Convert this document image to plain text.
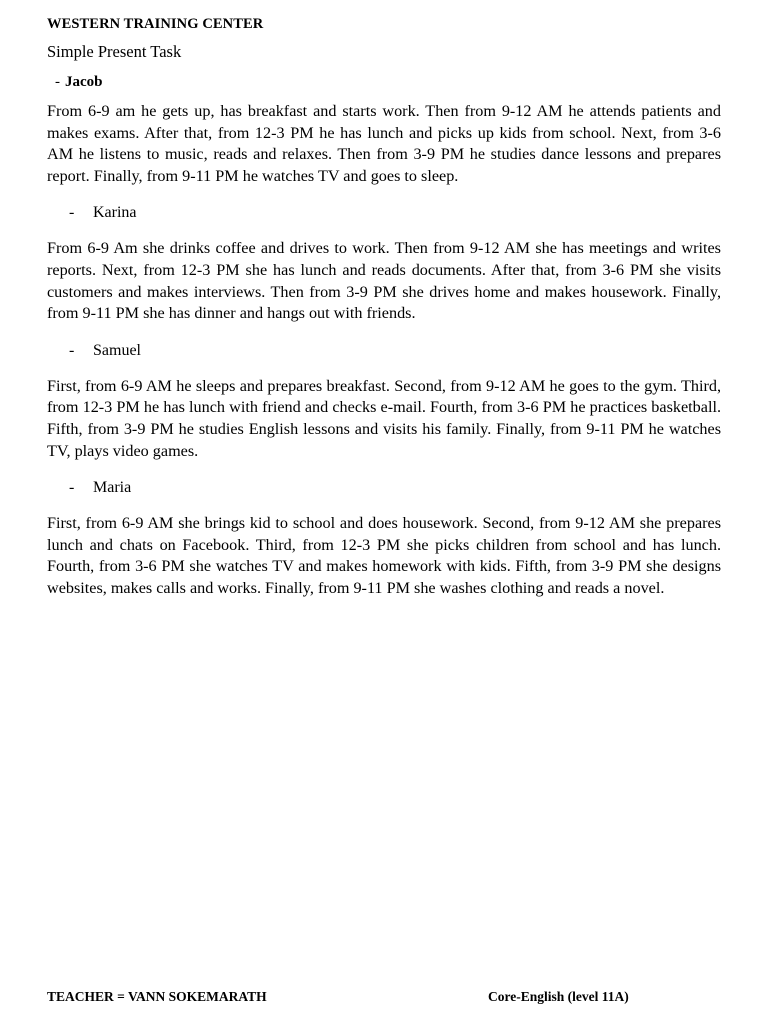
WESTERN TRAINING CENTER

Simple Present Task

- Jacob

From 6-9 am he gets up, has breakfast and starts work. Then from 9-12 AM he attends patients and makes exams. After that, from 12-3 PM he has lunch and picks up kids from school. Next, from 3-6 AM he listens to music, reads and relaxes. Then from 3-9 PM he studies dance lessons and prepares report. Finally, from 9-11 PM he watches TV and goes to sleep.

- Karina

From 6-9 Am she drinks coffee and drives to work. Then from 9-12 AM she has meetings and writes reports. Next, from 12-3 PM she has lunch and reads documents. After that, from 3-6 PM she visits customers and makes interviews. Then from 3-9 PM she drives home and makes housework. Finally, from 9-11 PM she has dinner and hangs out with friends.

- Samuel

First, from 6-9 AM he sleeps and prepares breakfast. Second, from 9-12 AM he goes to the gym. Third, from 12-3 PM he has lunch with friend and checks e-mail. Fourth, from 3-6 PM he practices basketball. Fifth, from 3-9 PM he studies English lessons and visits his family. Finally, from 9-11 PM he watches TV, plays video games.

- Maria

First, from 6-9 AM she brings kid to school and does housework. Second, from 9-12 AM she prepares lunch and chats on Facebook. Third, from 12-3 PM she picks children from school and has lunch. Fourth, from 3-6 PM she watches TV and makes homework with kids. Fifth, from 3-9 PM she designs websites, makes calls and works. Finally, from 9-11 PM she washes clothing and reads a novel.

TEACHER = VANN SOKEMARATH	Core-English (level 11A)
